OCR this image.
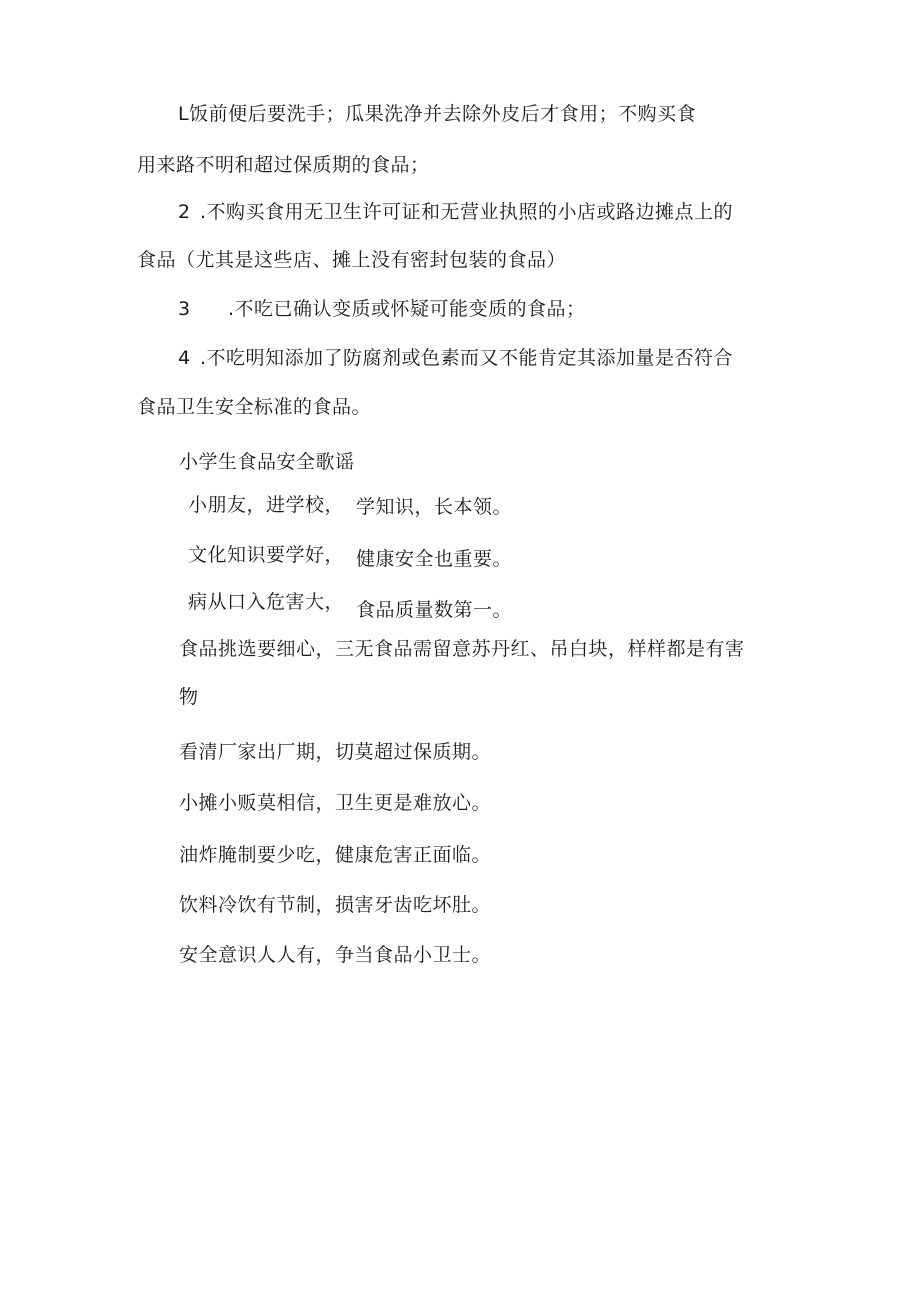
L饭前便后要洗手；瓜果洗净并去除外皮后才食用；不购买食
用来路不明和超过保质期的食品；
2 .不购买食用无卫生许可证和无营业执照的小店或路边摊点上的
食品（尤其是这些店、摊上没有密封包装的食品）
3 .不吃已确认变质或怀疑可能变质的食品；
4 .不吃明知添加了防腐剂或色素而又不能肯定其添加量是否符合
食品卫生安全标准的食品。
小学生食品安全歌谣
小朋友，进学校， 学知识，长本领。
文化知识要学好， 健康安全也重要。
病从口入危害大， 食品质量数第一。
食品挑选要细心，三无食品需留意苏丹红、吊白块，样样都是有害
物
看清厂家出厂期，切莫超过保质期。
小摊小贩莫相信，卫生更是难放心。
油炸腌制要少吃，健康危害正面临。
饮料冷饮有节制，损害牙齿吃坏肚。
安全意识人人有，争当食品小卫士。
